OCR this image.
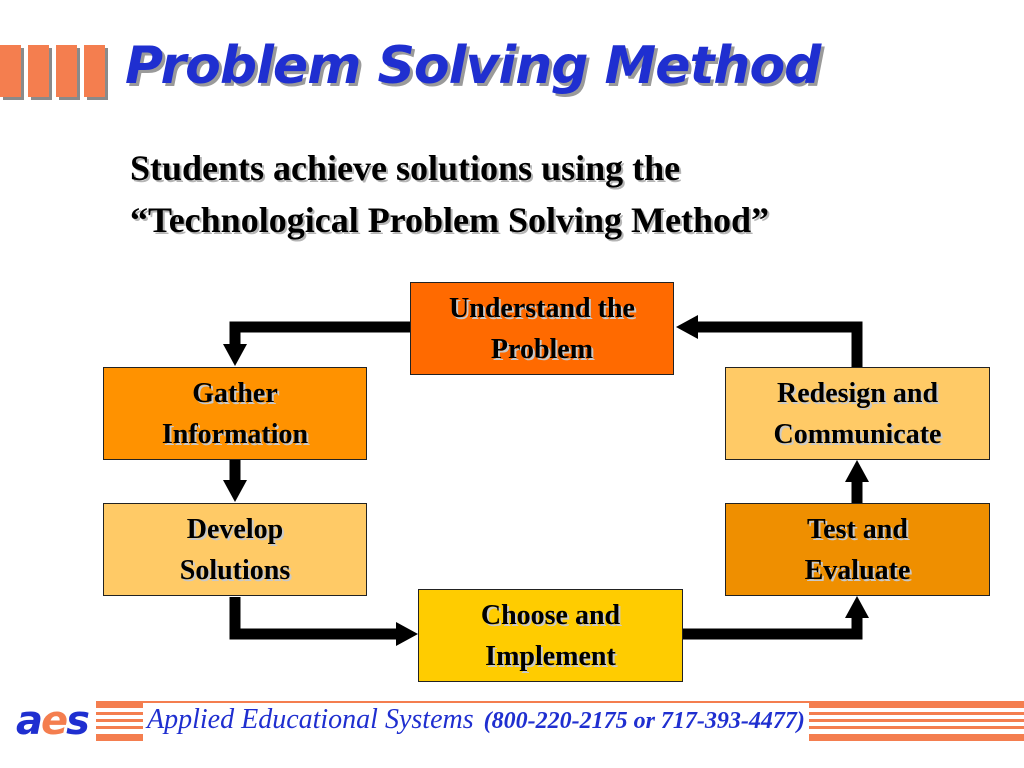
Problem Solving Method
Students achieve solutions using the
“Technological Problem Solving Method”
Understand the
Problem
Gather
Information
Develop
Solutions
Choose and
Implement
Test and
Evaluate
Redesign and
Communicate
aes Applied Educational Systems (800-220-2175 or 717-393-4477)
